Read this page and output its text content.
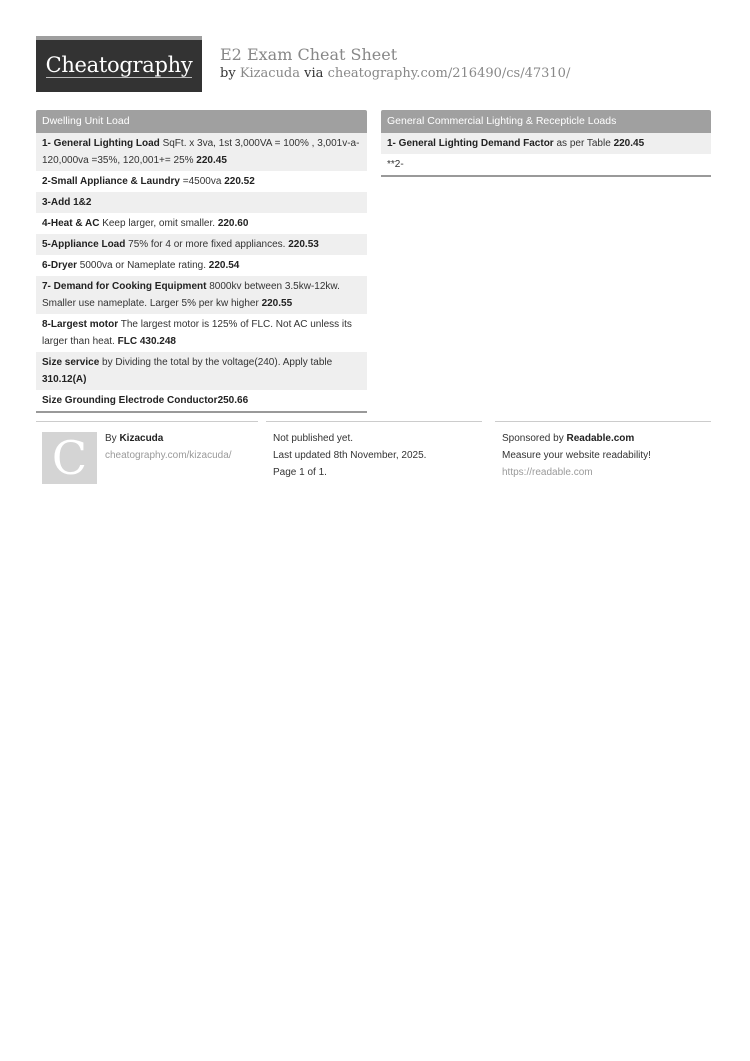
Cheatography E2 Exam Cheat Sheet
by Kizacuda via cheatography.com/216490/cs/47310/
Dwelling Unit Load
1- General Lighting Load SqFt. x 3va, 1st 3,000VA = 100% , 3,001v-a-120,000va =35%, 120,001+= 25% 220.45
2-Small Appliance & Laundry =4500va 220.52
3-Add 1&2
4-Heat & AC Keep larger, omit smaller. 220.60
5-Appliance Load 75% for 4 or more fixed appliances. 220.53
6-Dryer 5000va or Nameplate rating. 220.54
7- Demand for Cooking Equipment 8000kv between 3.5kw-12kw. Smaller use nameplate. Larger 5% per kw higher 220.55
8-Largest motor The largest motor is 125% of FLC. Not AC unless its larger than heat. FLC 430.248
Size service by Dividing the total by the voltage(240). Apply table 310.12(A)
Size Grounding Electrode Conductor250.66
General Commercial Lighting & Recepticle Loads
1- General Lighting Demand Factor as per Table 220.45
**2-
C	By Kizacuda
cheatography.com/kizacuda/
Not published yet.
Last updated 8th November, 2025.
Page 1 of 1.
Sponsored by Readable.com
Measure your website readability!
https://readable.com
